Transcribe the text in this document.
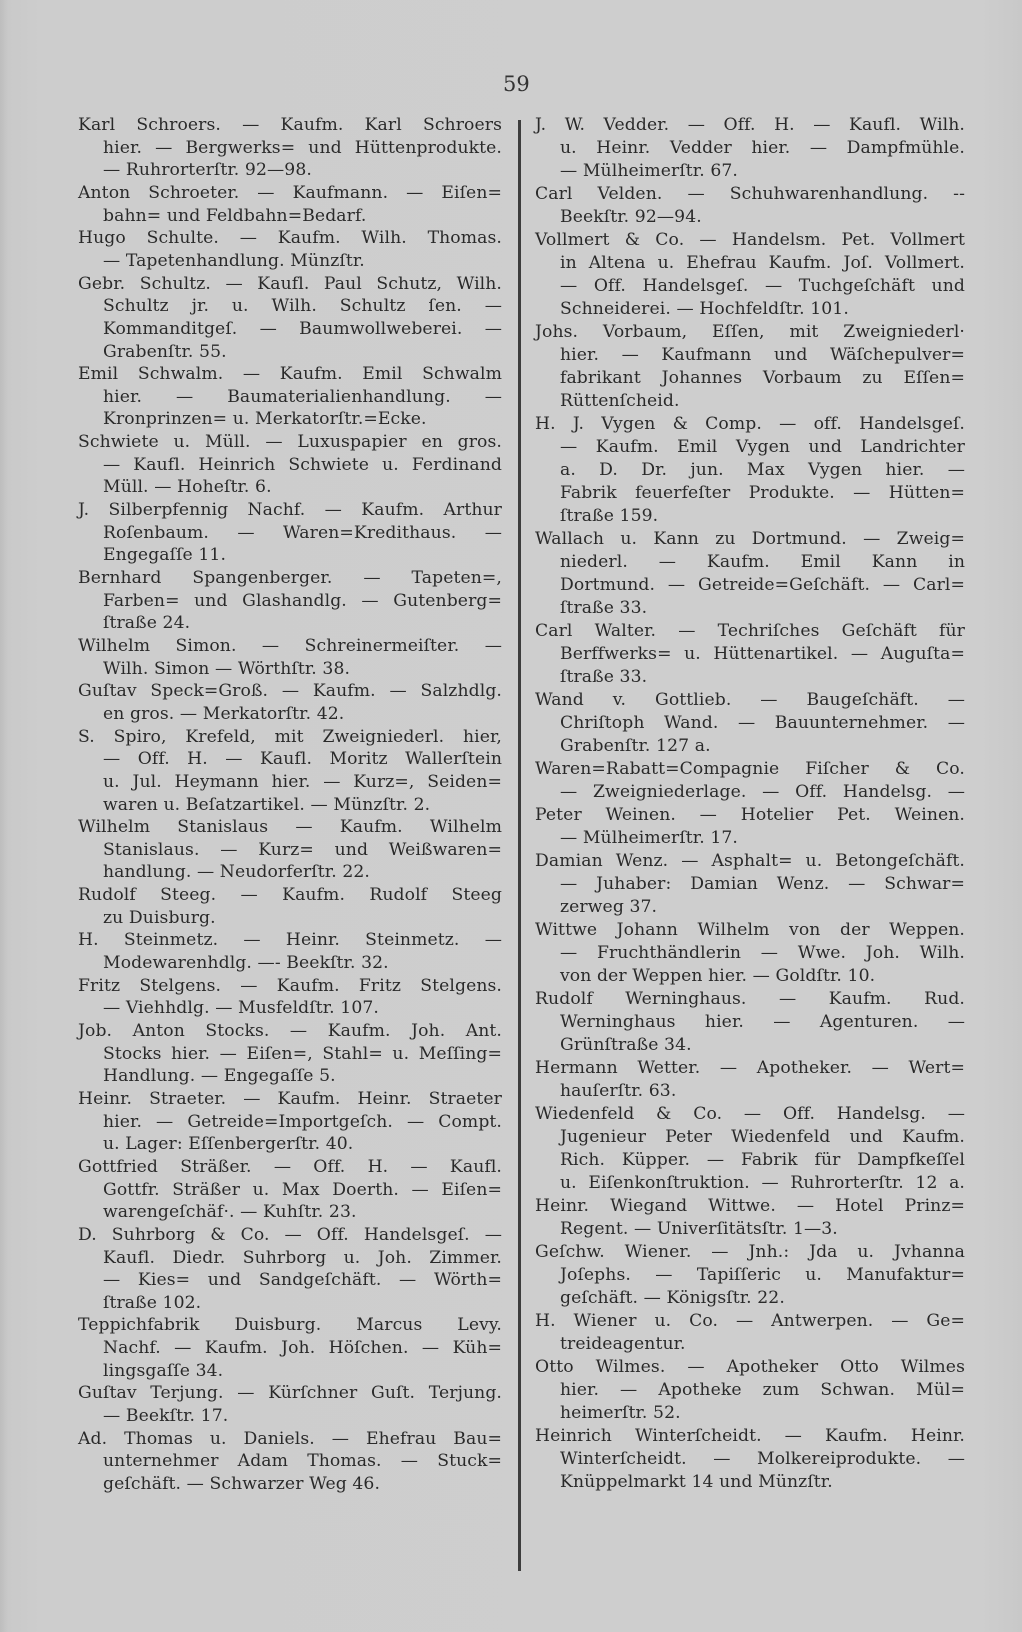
59
Karl Schroers. — Kaufm. Karl Schroers
hier. — Bergwerks= und Hüttenprodukte.
— Ruhrorterſtr. 92—98.
Anton Schroeter. — Kaufmann. — Eiſen=
bahn= und Feldbahn=Bedarf.
Hugo Schulte. — Kaufm. Wilh. Thomas.
— Tapetenhandlung. Münzſtr.
Gebr. Schultz. — Kaufl. Paul Schutz, Wilh.
Schultz jr. u. Wilh. Schultz ſen. —
Kommanditgeſ. — Baumwollweberei. —
Grabenſtr. 55.
Emil Schwalm. — Kaufm. Emil Schwalm
hier. — Baumaterialienhandlung. —
Kronprinzen= u. Merkatorſtr.=Ecke.
Schwiete u. Müll. — Luxuspapier en gros.
— Kaufl. Heinrich Schwiete u. Ferdinand
Müll. — Hoheſtr. 6.
J. Silberpfennig Nachf. — Kaufm. Arthur
Roſenbaum. — Waren=Kredithaus. —
Engegaſſe 11.
Bernhard Spangenberger. — Tapeten=,
Farben= und Glashandlg. — Gutenberg=
ſtraße 24.
Wilhelm Simon. — Schreinermeiſter. —
Wilh. Simon — Wörthſtr. 38.
Guſtav Speck=Groß. — Kaufm. — Salzhdlg.
en gros. — Merkatorſtr. 42.
S. Spiro, Krefeld, mit Zweigniederl. hier,
— Off. H. — Kaufl. Moritz Wallerſtein
u. Jul. Heymann hier. — Kurz=, Seiden=
waren u. Beſatzartikel. — Münzſtr. 2.
Wilhelm Stanislaus — Kaufm. Wilhelm
Stanislaus. — Kurz= und Weißwaren=
handlung. — Neudorferſtr. 22.
Rudolf Steeg. — Kaufm. Rudolf Steeg
zu Duisburg.
H. Steinmetz. — Heinr. Steinmetz. —
Modewarenhdlg. —- Beekſtr. 32.
Fritz Stelgens. — Kaufm. Fritz Stelgens.
— Viehhdlg. — Musfeldſtr. 107.
Job. Anton Stocks. — Kaufm. Joh. Ant.
Stocks hier. — Eiſen=, Stahl= u. Meſſing=
Handlung. — Engegaſſe 5.
Heinr. Straeter. — Kaufm. Heinr. Straeter
hier. — Getreide=Importgeſch. — Compt.
u. Lager: Eſſenbergerſtr. 40.
Gottfried Sträßer. — Off. H. — Kaufl.
Gottfr. Sträßer u. Max Doerth. — Eiſen=
warengeſchäf·. — Kuhſtr. 23.
D. Suhrborg & Co. — Off. Handelsgeſ. —
Kaufl. Diedr. Suhrborg u. Joh. Zimmer.
— Kies= und Sandgeſchäft. — Wörth=
ſtraße 102.
Teppichfabrik Duisburg. Marcus Levy.
Nachf. — Kaufm. Joh. Höſchen. — Küh=
lingsgaſſe 34.
Guſtav Terjung. — Kürſchner Guſt. Terjung.
— Beekſtr. 17.
Ad. Thomas u. Daniels. — Ehefrau Bau=
unternehmer Adam Thomas. — Stuck=
geſchäft. — Schwarzer Weg 46.
J. W. Vedder. — Off. H. — Kaufl. Wilh.
u. Heinr. Vedder hier. — Dampfmühle.
— Mülheimerſtr. 67.
Carl Velden. — Schuhwarenhandlung. --
Beekſtr. 92—94.
Vollmert & Co. — Handelsm. Pet. Vollmert
in Altena u. Ehefrau Kaufm. Joſ. Vollmert.
— Off. Handelsgeſ. — Tuchgeſchäft und
Schneiderei. — Hochfeldſtr. 101.
Johs. Vorbaum, Eſſen, mit Zweigniederl·
hier. — Kaufmann und Wäſchepulver=
fabrikant Johannes Vorbaum zu Eſſen=
Rüttenſcheid.
H. J. Vygen & Comp. — off. Handelsgeſ.
— Kaufm. Emil Vygen und Landrichter
a. D. Dr. jun. Max Vygen hier. —
Fabrik feuerfeſter Produkte. — Hütten=
ſtraße 159.
Wallach u. Kann zu Dortmund. — Zweig=
niederl. — Kaufm. Emil Kann in
Dortmund. — Getreide=Geſchäft. — Carl=
ſtraße 33.
Carl Walter. — Techriſches Geſchäft für
Berffwerks= u. Hüttenartikel. — Auguſta=
ſtraße 33.
Wand v. Gottlieb. — Baugeſchäft. —
Chriſtoph Wand. — Bauunternehmer. —
Grabenſtr. 127 a.
Waren=Rabatt=Compagnie Fiſcher & Co.
— Zweigniederlage. — Off. Handelsg. —
Peter Weinen. — Hotelier Pet. Weinen.
— Mülheimerſtr. 17.
Damian Wenz. — Asphalt= u. Betongeſchäft.
— Juhaber: Damian Wenz. — Schwar=
zerweg 37.
Wittwe Johann Wilhelm von der Weppen.
— Fruchthändlerin — Wwe. Joh. Wilh.
von der Weppen hier. — Goldſtr. 10.
Rudolf Werninghaus. — Kaufm. Rud.
Werninghaus hier. — Agenturen. —
Grünſtraße 34.
Hermann Wetter. — Apotheker. — Wert=
hauſerſtr. 63.
Wiedenfeld & Co. — Off. Handelsg. —
Jugenieur Peter Wiedenfeld und Kaufm.
Rich. Küpper. — Fabrik für Dampfkeſſel
u. Eiſenkonſtruktion. — Ruhrorterſtr. 12 a.
Heinr. Wiegand Wittwe. — Hotel Prinz=
Regent. — Univerſitätsſtr. 1—3.
Geſchw. Wiener. — Jnh.: Jda u. Jvhanna
Joſephs. — Tapiſſeric u. Manufaktur=
geſchäft. — Königsſtr. 22.
H. Wiener u. Co. — Antwerpen. — Ge=
treideagentur.
Otto Wilmes. — Apotheker Otto Wilmes
hier. — Apotheke zum Schwan. Mül=
heimerſtr. 52.
Heinrich Winterſcheidt. — Kaufm. Heinr.
Winterſcheidt. — Molkereiprodukte. —
Knüppelmarkt 14 und Münzſtr.
